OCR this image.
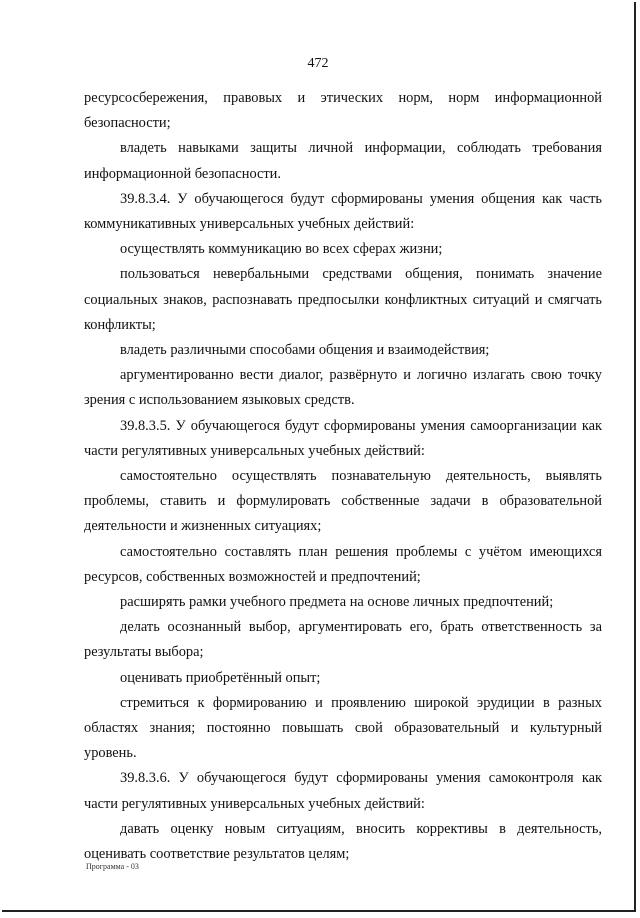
472

ресурсосбережения, правовых и этических норм, норм информационной безопасности;

владеть навыками защиты личной информации, соблюдать требования информационной безопасности.

39.8.3.4. У обучающегося будут сформированы умения общения как часть коммуникативных универсальных учебных действий:

осуществлять коммуникацию во всех сферах жизни;

пользоваться невербальными средствами общения, понимать значение социальных знаков, распознавать предпосылки конфликтных ситуаций и смягчать конфликты;

владеть различными способами общения и взаимодействия;

аргументированно вести диалог, развёрнуто и логично излагать свою точку зрения с использованием языковых средств.

39.8.3.5. У обучающегося будут сформированы умения самоорганизации как части регулятивных универсальных учебных действий:

самостоятельно осуществлять познавательную деятельность, выявлять проблемы, ставить и формулировать собственные задачи в образовательной деятельности и жизненных ситуациях;

самостоятельно составлять план решения проблемы с учётом имеющихся ресурсов, собственных возможностей и предпочтений;

расширять рамки учебного предмета на основе личных предпочтений;

делать осознанный выбор, аргументировать его, брать ответственность за результаты выбора;

оценивать приобретённый опыт;

стремиться к формированию и проявлению широкой эрудиции в разных областях знания; постоянно повышать свой образовательный и культурный уровень.

39.8.3.6. У обучающегося будут сформированы умения самоконтроля как части регулятивных универсальных учебных действий:

давать оценку новым ситуациям, вносить коррективы в деятельность, оценивать соответствие результатов целям;

Программа - 03
